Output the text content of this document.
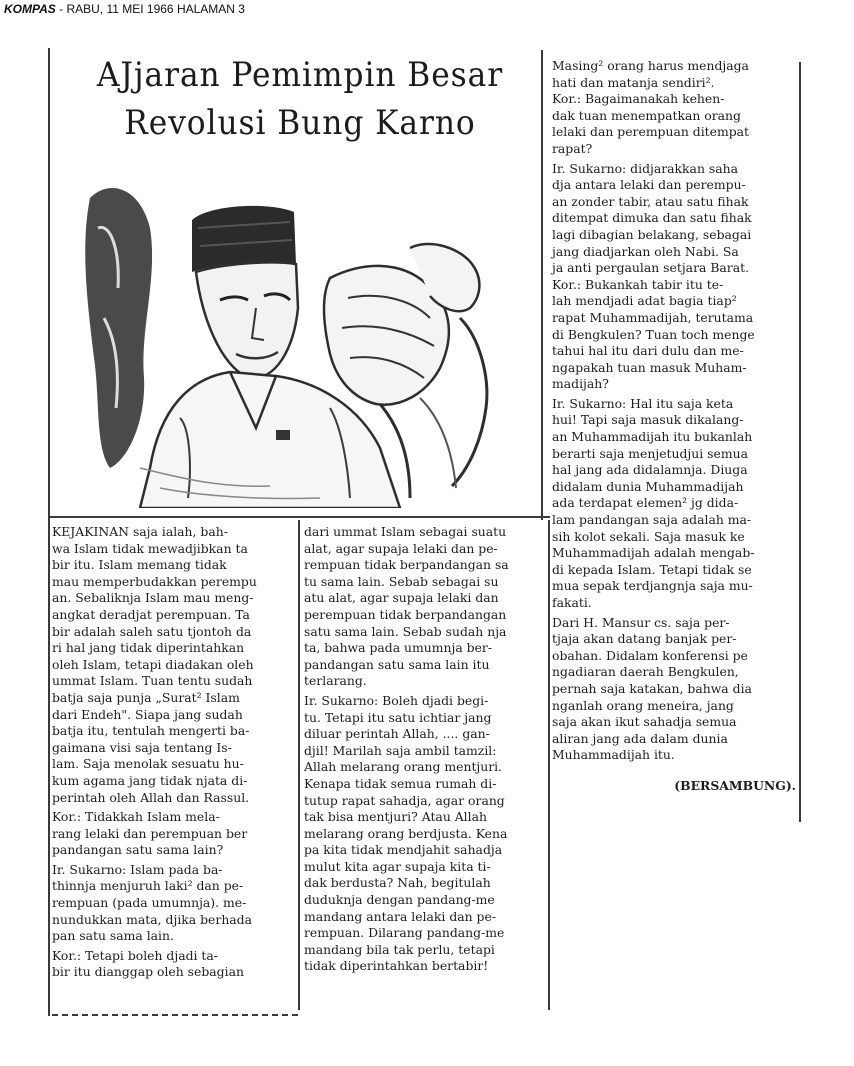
KOMPAS - RABU, 11 MEI 1966 HALAMAN 3
AJjaran Pemimpin Besar
Revolusi Bung Karno

KEJAKINAN saja ialah, bah-

wa Islam tidak mewadjibkan ta

bir itu. Islam memang tidak

mau memperbudakkan perempu

an. Sebaliknja Islam mau meng-

angkat deradjat perempuan. Ta

bir adalah saleh satu tjontoh da

ri hal jang tidak diperintahkan

oleh Islam, tetapi diadakan oleh

ummat Islam. Tuan tentu sudah

batja saja punja „Surat² Islam

dari Endeh". Siapa jang sudah

batja itu, tentulah mengerti ba-

gaimana visi saja tentang Is-

lam. Saja menolak sesuatu hu-

kum agama jang tidak njata di-

perintah oleh Allah dan Rassul.

Kor.: Tidakkah Islam mela-

rang lelaki dan perempuan ber

pandangan satu sama lain?

Ir. Sukarno: Islam pada ba-

thinnja menjuruh laki² dan pe-

rempuan (pada umumnja). me-

nundukkan mata, djika berhada

pan satu sama lain.

Kor.: Tetapi boleh djadi ta-

bir itu dianggap oleh sebagian

dari ummat Islam sebagai suatu

alat, agar supaja lelaki dan pe-

rempuan tidak berpandangan sa

tu sama lain. Sebab sebagai su

atu alat, agar supaja lelaki dan

perempuan tidak berpandangan

satu sama lain. Sebab sudah nja

ta, bahwa pada umumnja ber-

pandangan satu sama lain itu

terlarang.

Ir. Sukarno: Boleh djadi begi-

tu. Tetapi itu satu ichtiar jang

diluar perintah Allah, .... gan-

djil! Marilah saja ambil tamzil:

Allah melarang orang mentjuri.

Kenapa tidak semua rumah di-

tutup rapat sahadja, agar orang

tak bisa mentjuri? Atau Allah

melarang orang berdjusta. Kena

pa kita tidak mendjahit sahadja

mulut kita agar supaja kita ti-

dak berdusta? Nah, begitulah

duduknja dengan pandang-me

mandang antara lelaki dan pe-

rempuan. Dilarang pandang-me

mandang bila tak perlu, tetapi

tidak diperintahkan bertabir!

Masing² orang harus mendjaga

hati dan matanja sendiri².

Kor.: Bagaimanakah kehen-

dak tuan menempatkan orang

lelaki dan perempuan ditempat

rapat?

Ir. Sukarno: didjarakkan saha

dja antara lelaki dan perempu-

an zonder tabir, atau satu fihak

ditempat dimuka dan satu fihak

lagi dibagian belakang, sebagai

jang diadjarkan oleh Nabi. Sa

ja anti pergaulan setjara Barat.

Kor.: Bukankah tabir itu te-

lah mendjadi adat bagia tiap²

rapat Muhammadijah, terutama

di Bengkulen? Tuan toch menge

tahui hal itu dari dulu dan me-

ngapakah tuan masuk Muham-

madijah?

Ir. Sukarno: Hal itu saja keta

hui! Tapi saja masuk dikalang-

an Muhammadijah itu bukanlah

berarti saja menjetudjui semua

hal jang ada didalamnja. Diuga

didalam dunia Muhammadijah

ada terdapat elemen² jg dida-

lam pandangan saja adalah ma-

sih kolot sekali. Saja masuk ke

Muhammadijah adalah mengab-

di kepada Islam. Tetapi tidak se

mua sepak terdjangnja saja mu-

fakati.

Dari H. Mansur cs. saja per-

tjaja akan datang banjak per-

obahan. Didalam konferensi pe

ngadiaran daerah Bengkulen,

pernah saja katakan, bahwa dia

nganlah orang meneira, jang

saja akan ikut sahadja semua

aliran jang ada dalam dunia

Muhammadijah itu.

(BERSAMBUNG).
